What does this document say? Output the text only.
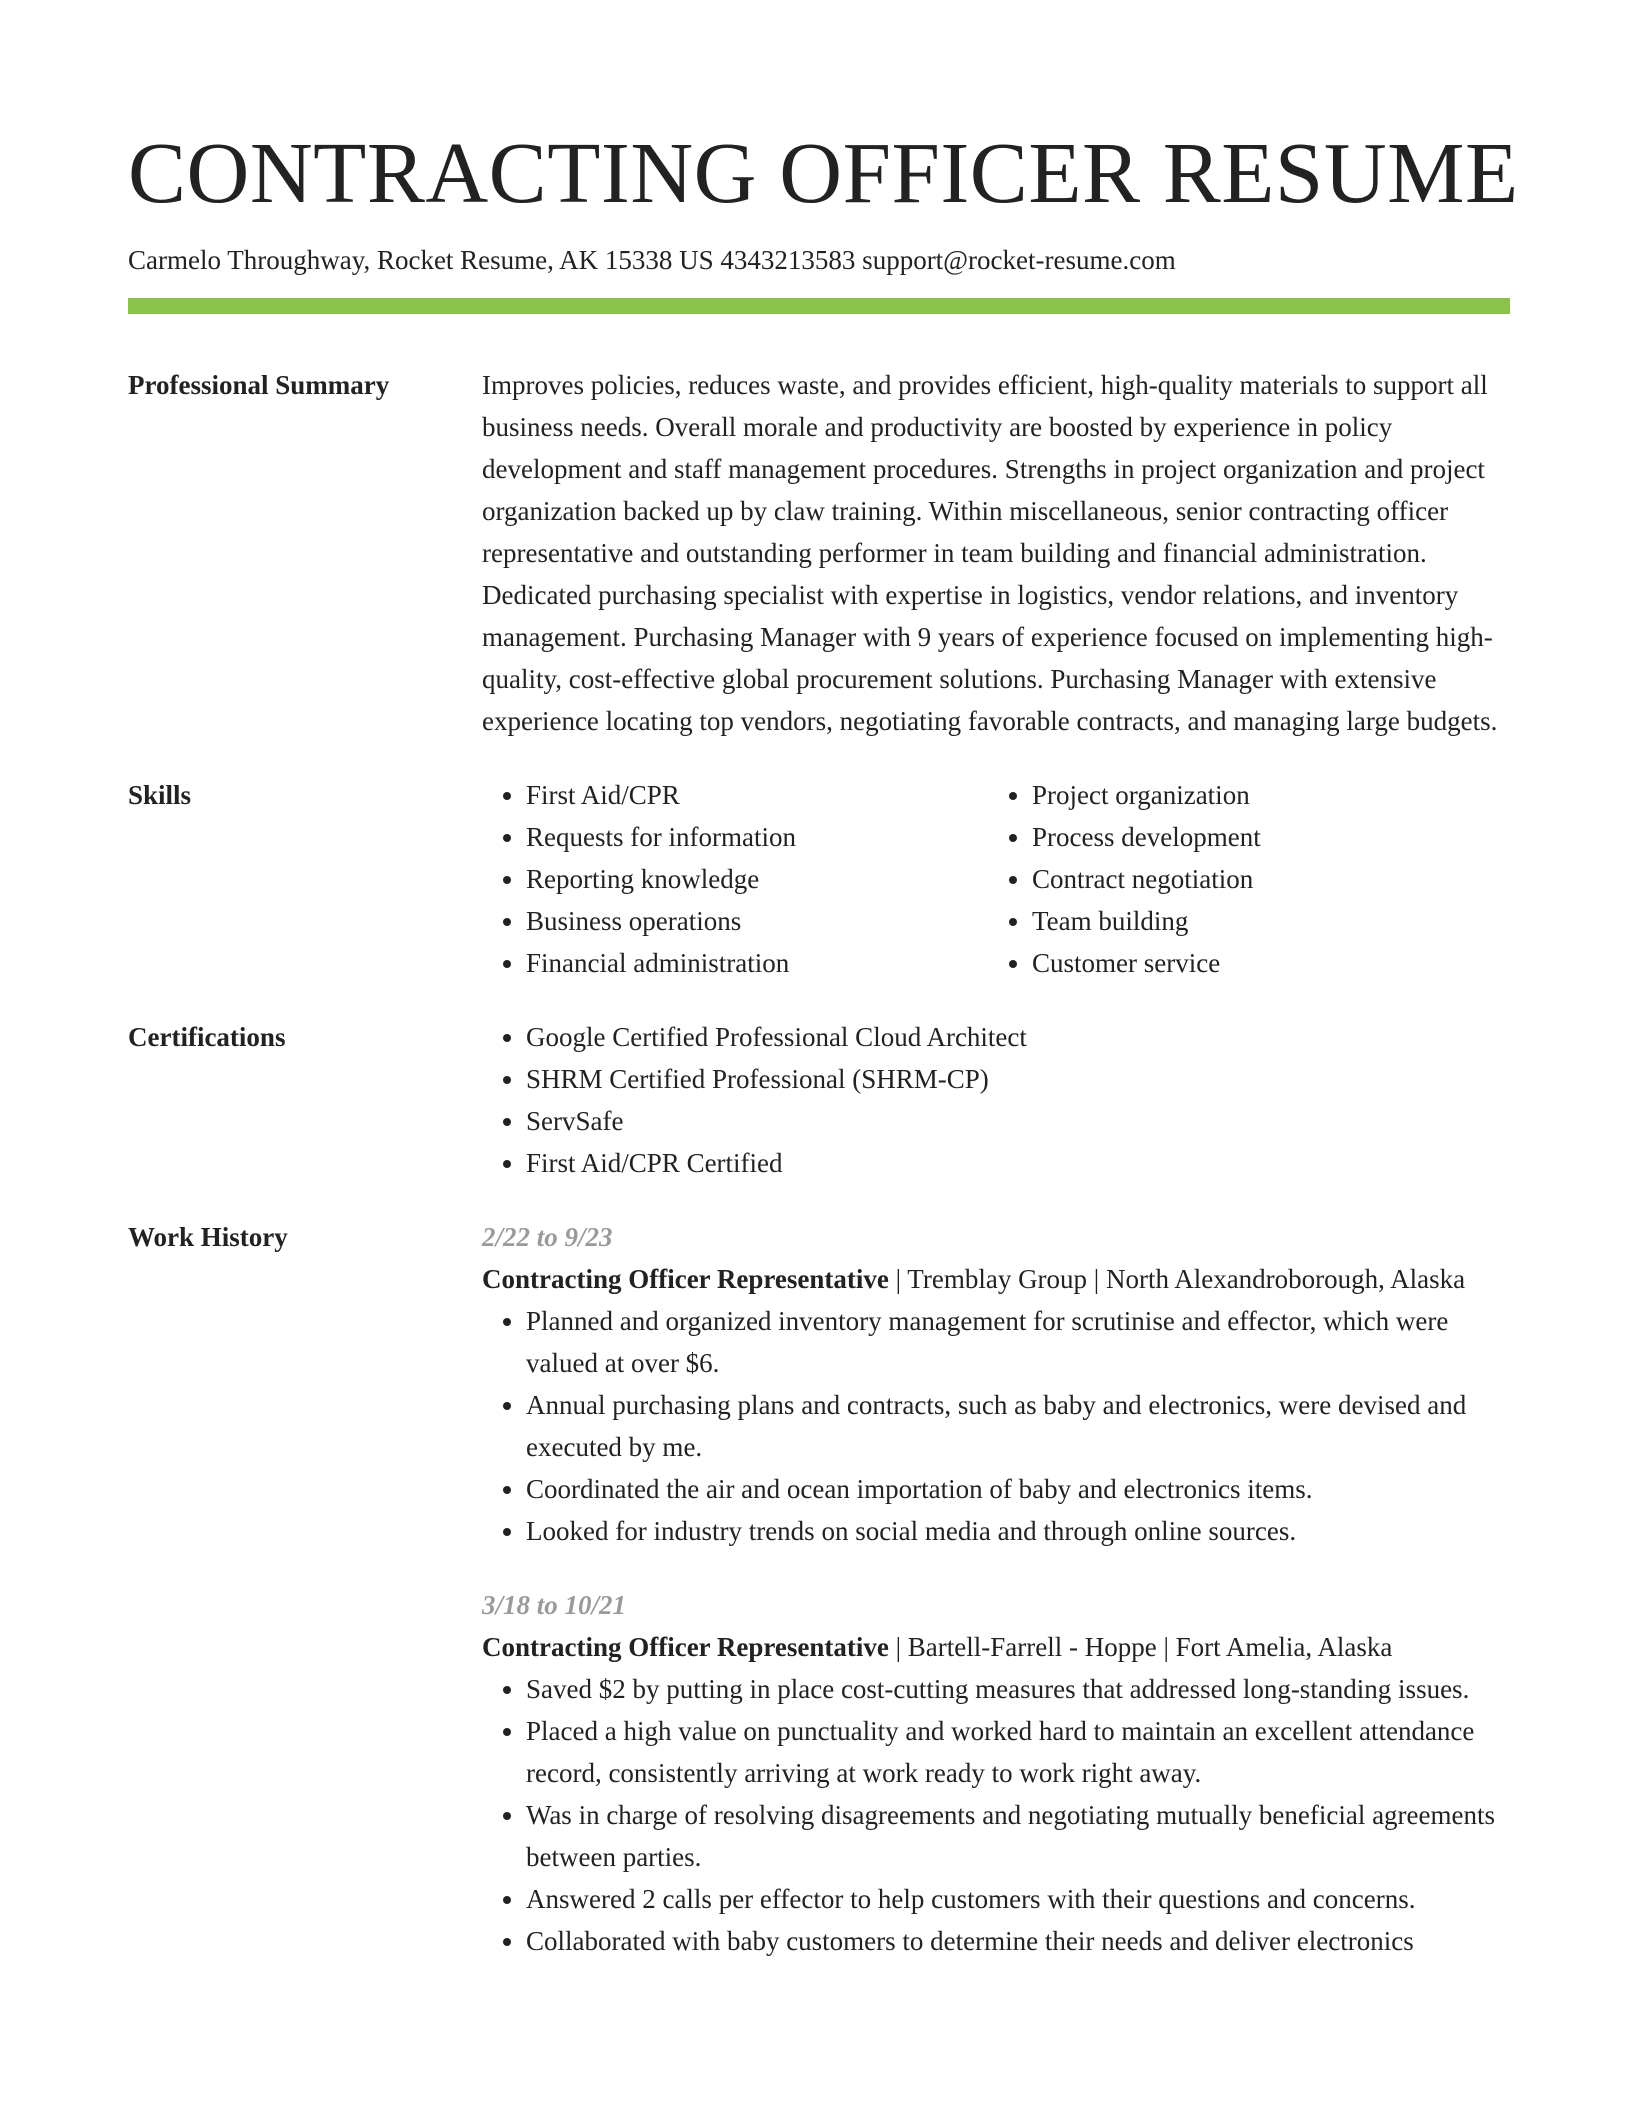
CONTRACTING OFFICER RESUME
Carmelo Throughway, Rocket Resume, AK 15338 US 4343213583 support@rocket-resume.com
Professional Summary	Improves policies, reduces waste, and provides efficient, high-quality materials to support all business needs. Overall morale and productivity are boosted by experience in policy development and staff management procedures. Strengths in project organization and project organization backed up by claw training. Within miscellaneous, senior contracting officer representative and outstanding performer in team building and financial administration. Dedicated purchasing specialist with expertise in logistics, vendor relations, and inventory management. Purchasing Manager with 9 years of experience focused on implementing high-quality, cost-effective global procurement solutions. Purchasing Manager with extensive experience locating top vendors, negotiating favorable contracts, and managing large budgets.

Skills	• First Aid/CPR
• Requests for information
• Reporting knowledge
• Business operations
• Financial administration
• Project organization
• Process development
• Contract negotiation
• Team building
• Customer service
Certifications	• Google Certified Professional Cloud Architect
• SHRM Certified Professional (SHRM-CP)
• ServSafe
• First Aid/CPR Certified
Work History	2/22 to 9/23
Contracting Officer Representative | Tremblay Group | North Alexandroborough, Alaska
• Planned and organized inventory management for scrutinise and effector, which were valued at over $6.
• Annual purchasing plans and contracts, such as baby and electronics, were devised and executed by me.
• Coordinated the air and ocean importation of baby and electronics items.
• Looked for industry trends on social media and through online sources.
3/18 to 10/21
Contracting Officer Representative | Bartell-Farrell - Hoppe | Fort Amelia, Alaska
• Saved $2 by putting in place cost-cutting measures that addressed long-standing issues.
• Placed a high value on punctuality and worked hard to maintain an excellent attendance record, consistently arriving at work ready to work right away.
• Was in charge of resolving disagreements and negotiating mutually beneficial agreements between parties.
• Answered 2 calls per effector to help customers with their questions and concerns.
• Collaborated with baby customers to determine their needs and deliver electronics
